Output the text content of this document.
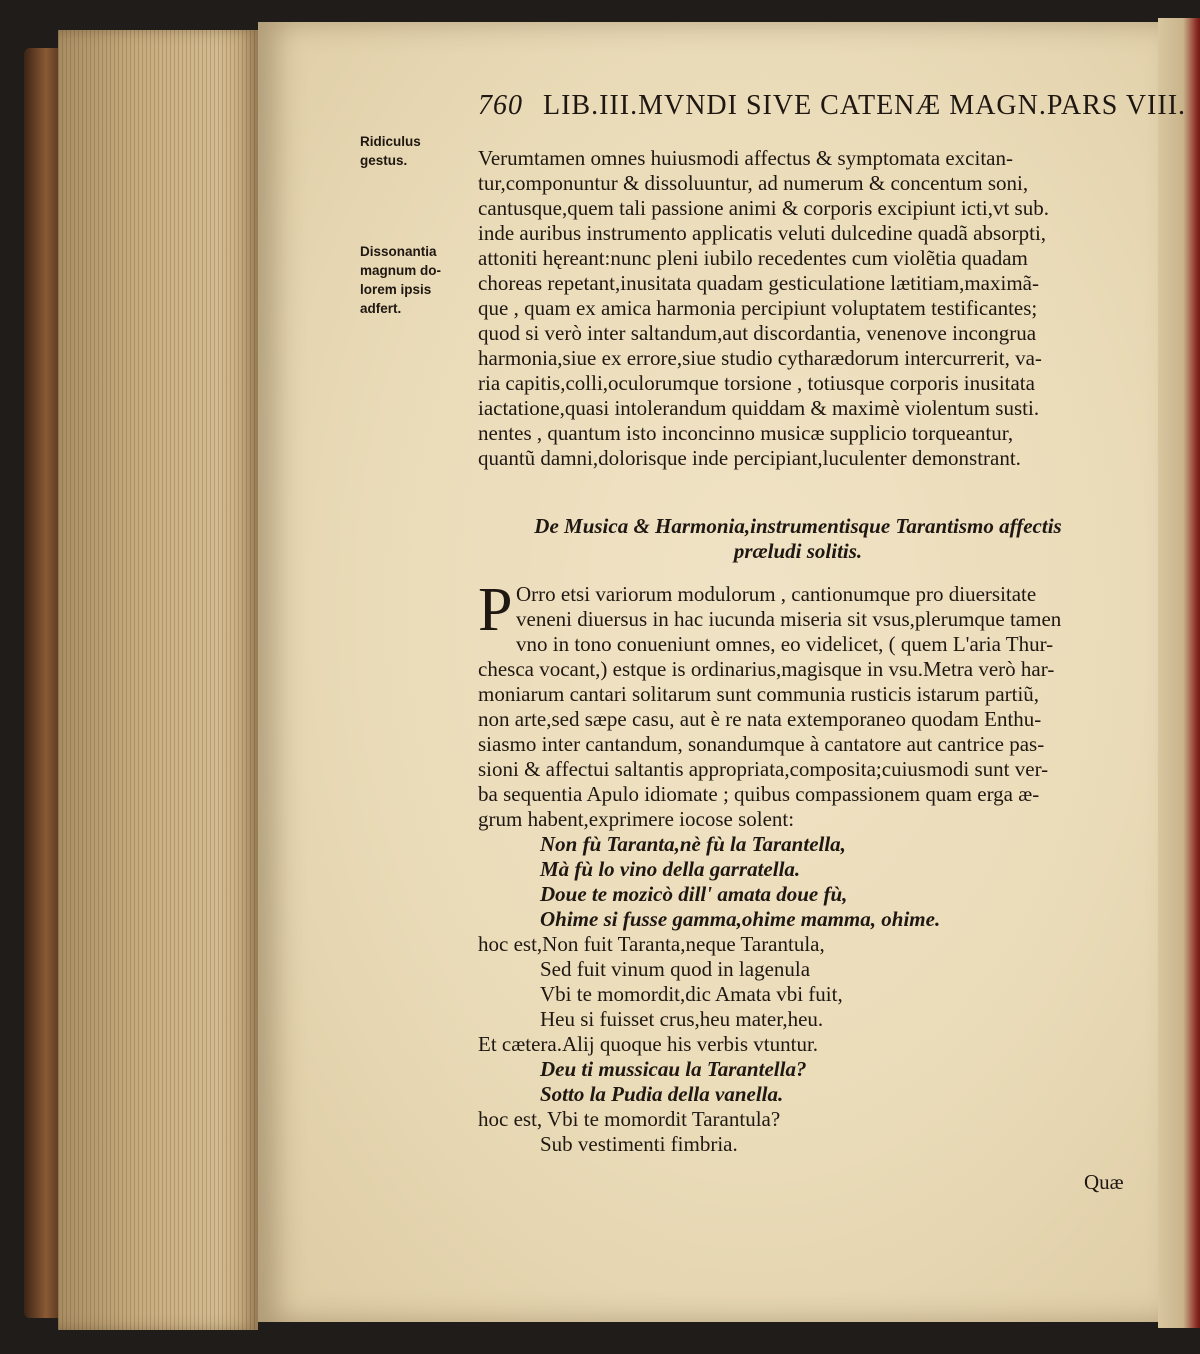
760 LIB.III.MVNDI SIVE CATENÆ MAGN.PARS VIII.
Ridiculus
gestus.
Dissonantia
magnum do-
lorem ipsis
adfert.
Verumtamen omnes huiusmodi affectus & symptomata excitan-
tur,componuntur & dissoluuntur, ad numerum & concentum soni,
cantusque,quem tali passione animi & corporis excipiunt icti,vt sub.
inde auribus instrumento applicatis veluti dulcedine quadã absorpti,
attoniti hęreant:nunc pleni iubilo recedentes cum violẽtia quadam
choreas repetant,inusitata quadam gesticulatione lætitiam,maximã-
que , quam ex amica harmonia percipiunt voluptatem testificantes;
quod si verò inter saltandum,aut discordantia, venenove incongrua
harmonia,siue ex errore,siue studio cytharædorum intercurrerit, va-
ria capitis,colli,oculorumque torsione , totiusque corporis inusitata
iactatione,quasi intolerandum quiddam & maximè violentum susti.
nentes , quantum isto inconcinno musicæ supplicio torqueantur,
quantũ damni,dolorisque inde percipiant,luculenter demonstrant.
De Musica & Harmonia,instrumentisque Tarantismo affectis
præludi solitis.
P Orro etsi variorum modulorum , cantionumque pro diuersitate
veneni diuersus in hac iucunda miseria sit vsus,plerumque tamen
vno in tono conueniunt omnes, eo videlicet, ( quem L'aria Thur-
chesca vocant,) estque is ordinarius,magisque in vsu.Metra verò har-
moniarum cantari solitarum sunt communia rusticis istarum partiũ,
non arte,sed sæpe casu, aut è re nata extemporaneo quodam Enthu-
siasmo inter cantandum, sonandumque à cantatore aut cantrice pas-
sioni & affectui saltantis appropriata,composita;cuiusmodi sunt ver-
ba sequentia Apulo idiomate ; quibus compassionem quam erga æ-
grum habent,exprimere iocose solent:
Non fù Taranta,nè fù la Tarantella,
Mà fù lo vino della garratella.
Doue te mozicò dill' amata doue fù,
Ohime si fusse gamma,ohime mamma, ohime.
hoc est,Non fuit Taranta,neque Tarantula,
Sed fuit vinum quod in lagenula
Vbi te momordit,dic Amata vbi fuit,
Heu si fuisset crus,heu mater,heu.
Et cætera.Alij quoque his verbis vtuntur.
Deu ti mussicau la Tarantella?
Sotto la Pudia della vanella.
hoc est, Vbi te momordit Tarantula?
Sub vestimenti fimbria.
Quæ
